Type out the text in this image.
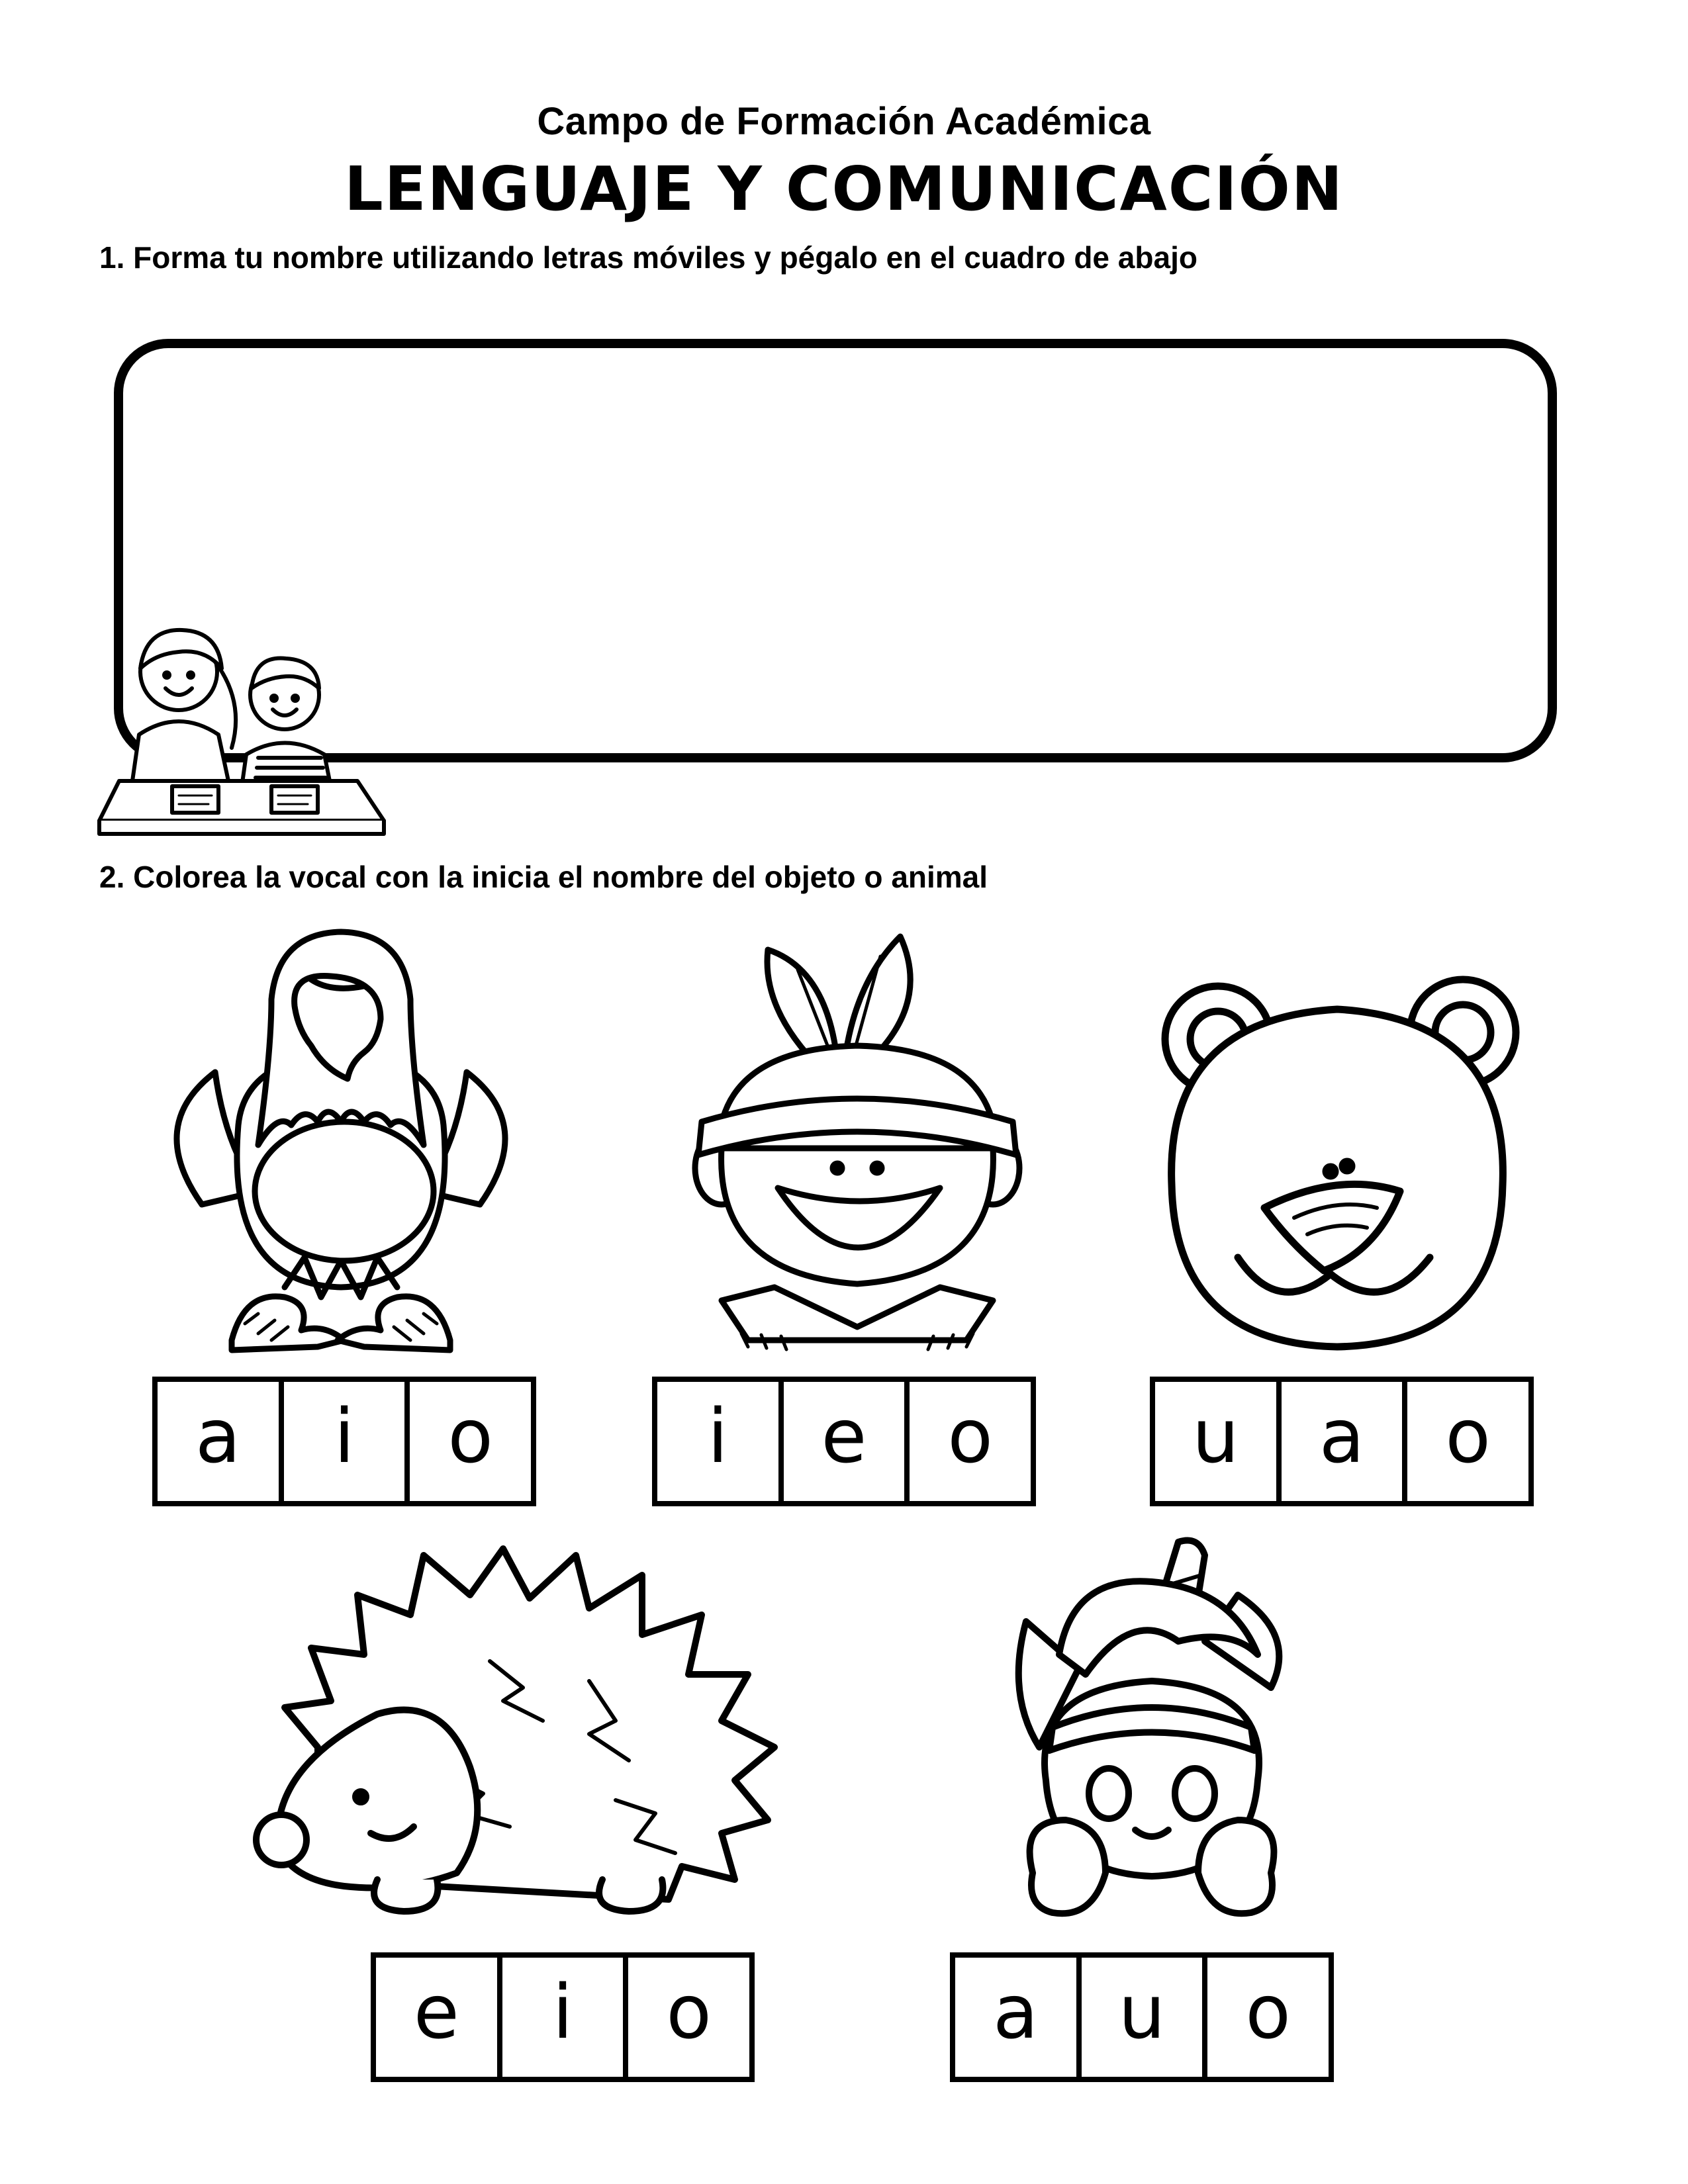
Campo de Formación Académica
LENGUAJE Y COMUNICACIÓN
1. Forma tu nombre utilizando letras móviles y pégalo en el cuadro de abajo
2. Colorea la vocal con la inicia el nombre del objeto o animal
a	i	o	i	e	o	u	a	o
e	i	o	a	u	o
